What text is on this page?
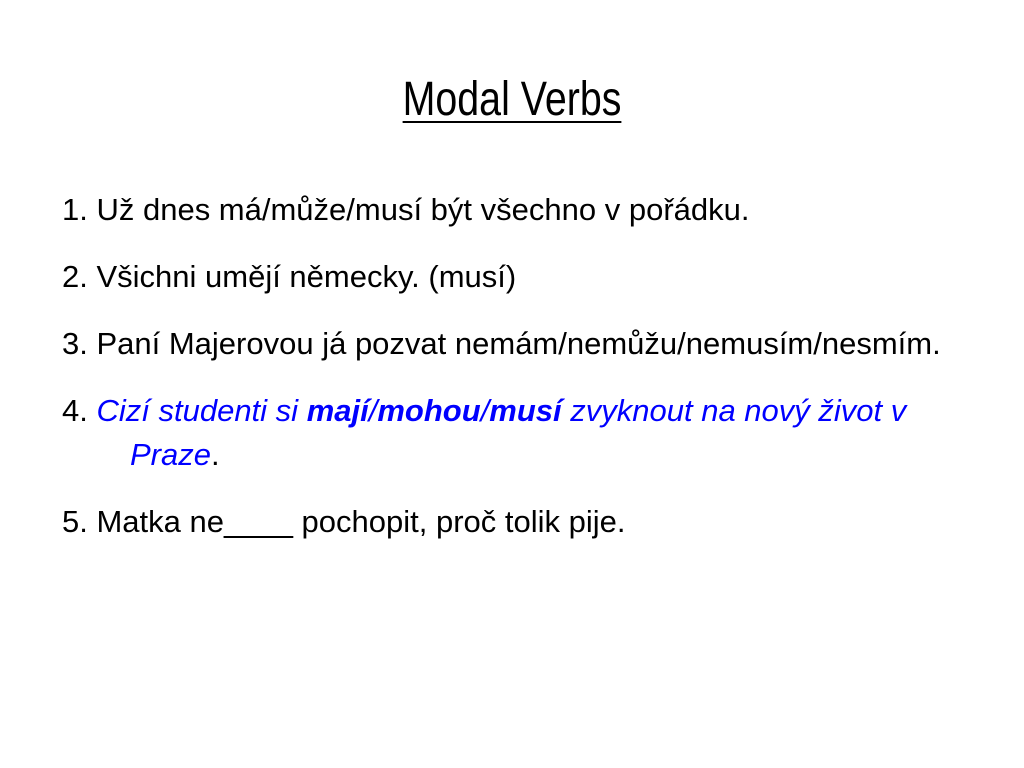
Modal Verbs
1. Už dnes má/může/musí být všechno v pořádku.
2. Všichni umějí německy. (musí)
3. Paní Majerovou já pozvat nemám/nemůžu/nemusím/nesmím.
4. Cizí studenti si mají/mohou/musí zvyknout na nový život v Praze.
5. Matka ne____ pochopit, proč tolik pije.
